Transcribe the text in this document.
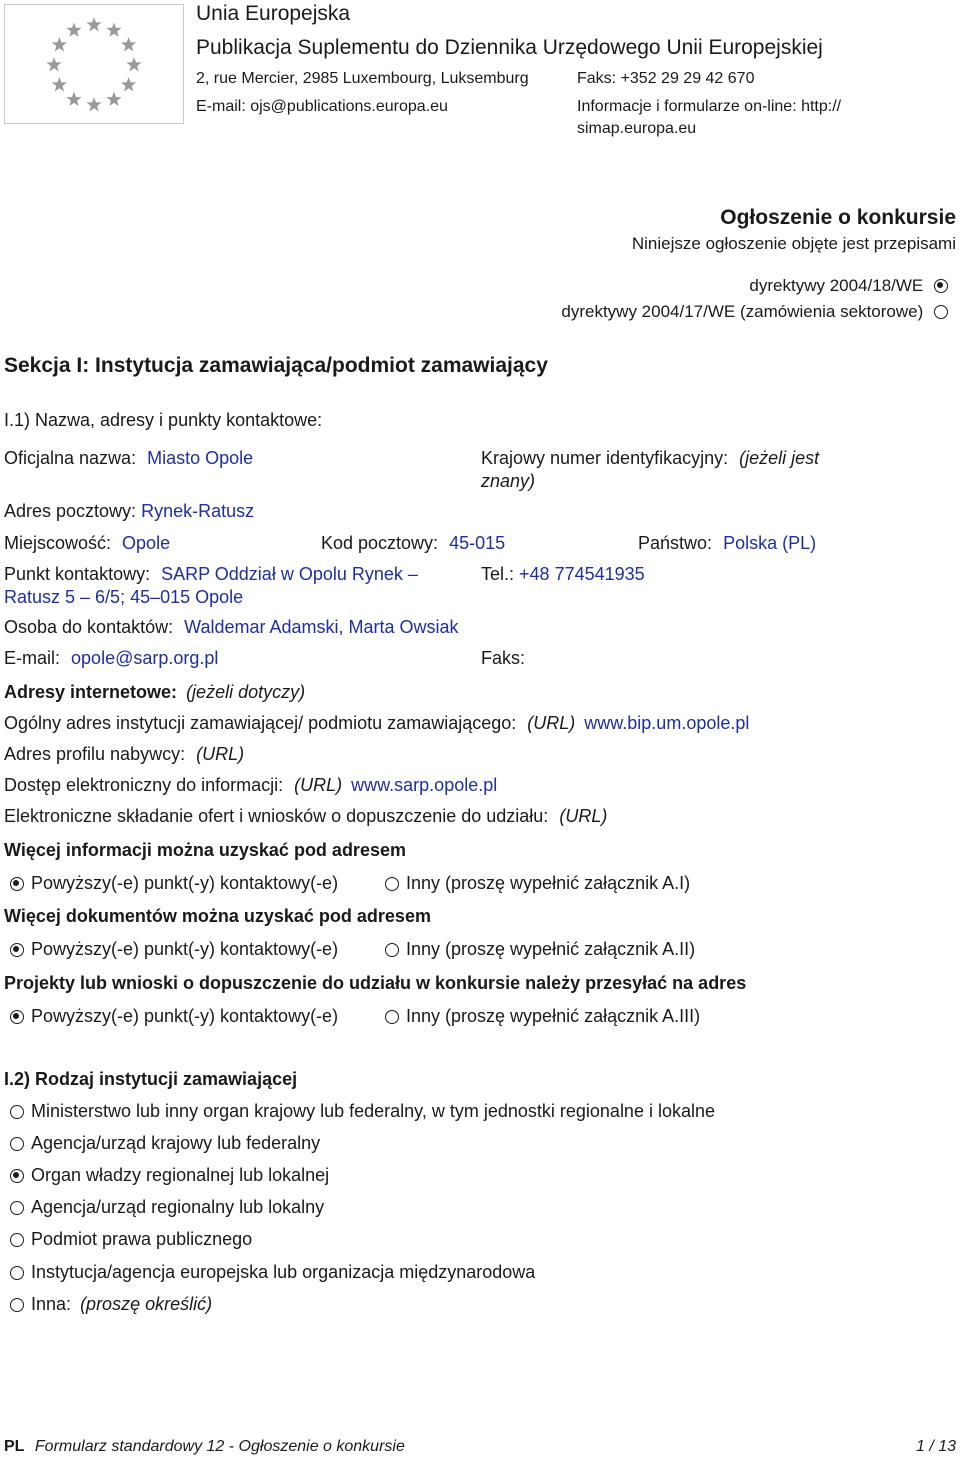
Unia Europejska
Publikacja Suplementu do Dziennika Urzędowego Unii Europejskiej
2, rue Mercier, 2985 Luxembourg, Luksemburg	Faks: +352 29 29 42 670
E-mail: ojs@publications.europa.eu	Informacje i formularze on-line: http://
simap.europa.eu
Ogłoszenie o konkursie
Niniejsze ogłoszenie objęte jest przepisami
dyrektywy 2004/18/WE
dyrektywy 2004/17/WE (zamówienia sektorowe)
Sekcja I: Instytucja zamawiająca/podmiot zamawiający
I.1) Nazwa, adresy i punkty kontaktowe:
Oficjalna nazwa: Miasto Opole	Krajowy numer identyfikacyjny: (jeżeli jest
znany)
Adres pocztowy: Rynek-Ratusz
Miejscowość: Opole	Kod pocztowy: 45-015	Państwo: Polska (PL)
Punkt kontaktowy: SARP Oddział w Opolu Rynek –
Ratusz 5 – 6/5; 45–015 Opole
Tel.: +48 774541935
Osoba do kontaktów: Waldemar Adamski, Marta Owsiak
E-mail: opole@sarp.org.pl	Faks:
Adresy internetowe: (jeżeli dotyczy)
Ogólny adres instytucji zamawiającej/ podmiotu zamawiającego: (URL) www.bip.um.opole.pl
Adres profilu nabywcy: (URL)
Dostęp elektroniczny do informacji: (URL) www.sarp.opole.pl
Elektroniczne składanie ofert i wniosków o dopuszczenie do udziału: (URL)
Więcej informacji można uzyskać pod adresem
Powyższy(-e) punkt(-y) kontaktowy(-e)	Inny (proszę wypełnić załącznik A.I)
Więcej dokumentów można uzyskać pod adresem
Powyższy(-e) punkt(-y) kontaktowy(-e)	Inny (proszę wypełnić załącznik A.II)
Projekty lub wnioski o dopuszczenie do udziału w konkursie należy przesyłać na adres
Powyższy(-e) punkt(-y) kontaktowy(-e)	Inny (proszę wypełnić załącznik A.III)
I.2) Rodzaj instytucji zamawiającej
Ministerstwo lub inny organ krajowy lub federalny, w tym jednostki regionalne i lokalne
Agencja/urząd krajowy lub federalny
Organ władzy regionalnej lub lokalnej
Agencja/urząd regionalny lub lokalny
Podmiot prawa publicznego
Instytucja/agencja europejska lub organizacja międzynarodowa
Inna: (proszę określić)
PL Formularz standardowy 12 - Ogłoszenie o konkursie	1 / 13
